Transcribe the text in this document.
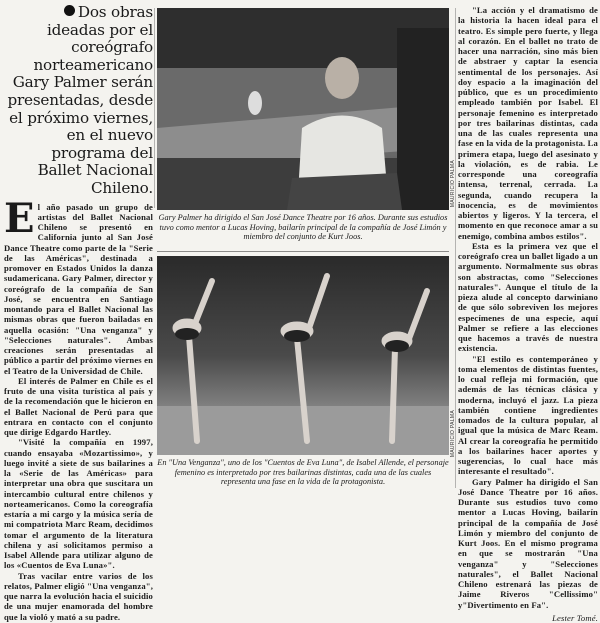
Dos obras ideadas por el coreógrafo norteamericano Gary Palmer serán presentadas, desde el próximo viernes, en el nuevo programa del Ballet Nacional Chileno.

El año pasado un grupo de artistas del Ballet Nacional Chileno se presentó en California junto al San José Dance Theatre como parte de la "Serie de las Américas", destinada a promover en Estados Unidos la danza sudamericana. Gary Palmer, director y coreógrafo de la compañía de San José, se encuentra en Santiago montando para el Ballet Nacional las mismas obras que fueron bailadas en aquella ocasión: "Una venganza" y "Selecciones naturales". Ambas creaciones serán presentadas al público a partir del próximo viernes en el Teatro de la Universidad de Chile.

El interés de Palmer en Chile es el fruto de una visita turística al país y de la recomendación que le hicieron en el Ballet Nacional de Perú para que entrara en contacto con el conjunto que dirige Edgardo Hartley.

"Visité la compañía en 1997, cuando ensayaba «Mozartissimo», y luego invité a siete de sus bailarines a la «Serie de las Américas» para interpretar una obra que suscitara un intercambio cultural entre chilenos y norteamericanos. Como la coreografía estaría a mi cargo y la música sería de mi compatriota Marc Ream, decidimos tomar el argumento de la literatura chilena y así solicitamos permiso a Isabel Allende para utilizar alguno de los «Cuentos de Eva Luna»".

Tras vacilar entre varios de los relatos, Palmer eligió "Una venganza", que narra la evolución hacia el suicidio de una mujer enamorada del hombre que la violó y mató a su padre.

MAURICIO PALMA
Gary Palmer ha dirigido el San José Dance Theatre por 16 años. Durante sus estudios tuvo como mentor a Lucas Hoving, bailarín principal de la compañía de José Limón y miembro del conjunto de Kurt Joos.
MAURICIO PALMA
En "Una Venganza", uno de los "Cuentos de Eva Luna", de Isabel Allende, el personaje femenino es interpretado por tres bailarinas distintas, cada una de las cuales representa una fase en la vida de la protagonista.

"La acción y el dramatismo de la historia la hacen ideal para el teatro. Es simple pero fuerte, y llega al corazón. En el ballet no trato de hacer una narración, sino más bien de abstraer y captar la esencia sentimental de los personajes. Así doy espacio a la imaginación del público, que es un procedimiento empleado también por Isabel. El personaje femenino es interpretado por tres bailarinas distintas, cada una de las cuales representa una fase en la vida de la protagonista. La primera etapa, luego del asesinato y la violación, es de rabia. Le corresponde una coreografía intensa, terrenal, cerrada. La segunda, cuando recupera la inocencia, es de movimientos abiertos y ligeros. Y la tercera, el momento en que reconoce amar a su enemigo, combina ambos estilos".

Esta es la primera vez que el coreógrafo crea un ballet ligado a un argumento. Normalmente sus obras son abstractas, como "Selecciones naturales". Aunque el título de la pieza alude al concepto darwiniano de que sólo sobreviven los mejores especímenes de una especie, aquí Palmer se refiere a las elecciones que hacemos a través de nuestra existencia.

"El estilo es contemporáneo y toma elementos de distintas fuentes, lo cual refleja mi formación, que además de las técnicas clásica y moderna, incluyó el jazz. La pieza también contiene ingredientes tomados de la cultura popular, al igual que la música de Marc Ream. Al crear la coreografía he permitido a los bailarines hacer aportes y sugerencias, lo cual hace más interesante el resultado".

Gary Palmer ha dirigido el San José Dance Theatre por 16 años. Durante sus estudios tuvo como mentor a Lucas Hoving, bailarín principal de la compañía de José Limón y miembro del conjunto de Kurt Joos. En el mismo programa en que se mostrarán "Una venganza" y "Selecciones naturales", el Ballet Nacional Chileno estrenará las piezas de Jaime Riveros "Cellissimo" y"Divertimento en Fa".

Lester Tomé.
